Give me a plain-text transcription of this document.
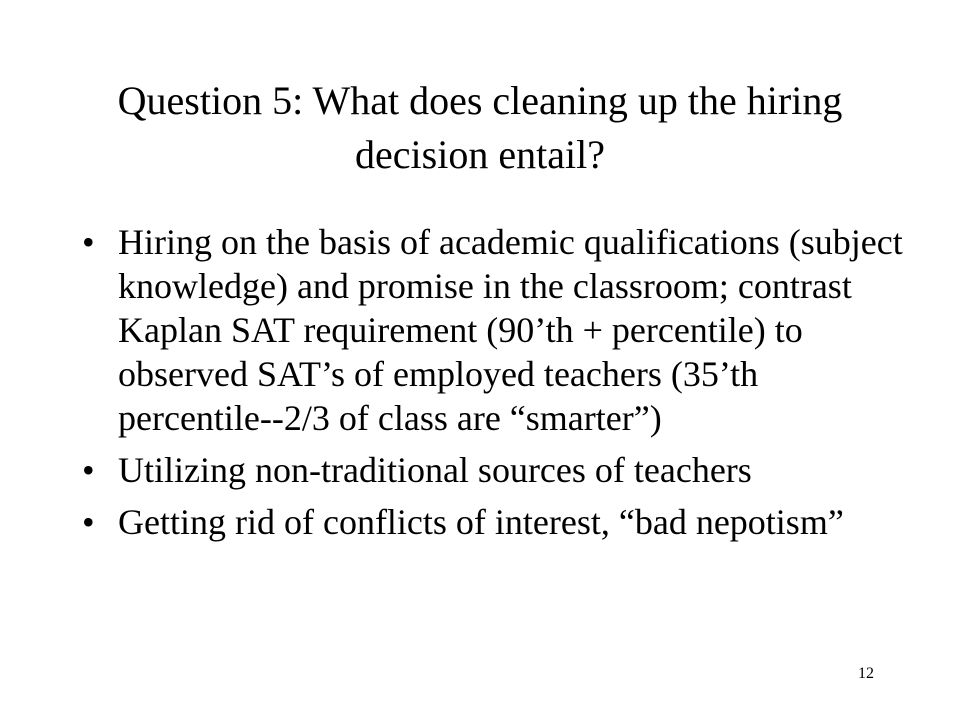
Question 5: What does cleaning up the hiring decision entail?
• Hiring on the basis of academic qualifications (subject knowledge) and promise in the classroom; contrast Kaplan SAT requirement (90’th + percentile) to observed SAT’s of employed teachers (35’th percentile--2/3 of class are “smarter”)
• Utilizing non-traditional sources of teachers
• Getting rid of conflicts of interest, “bad nepotism”
12
